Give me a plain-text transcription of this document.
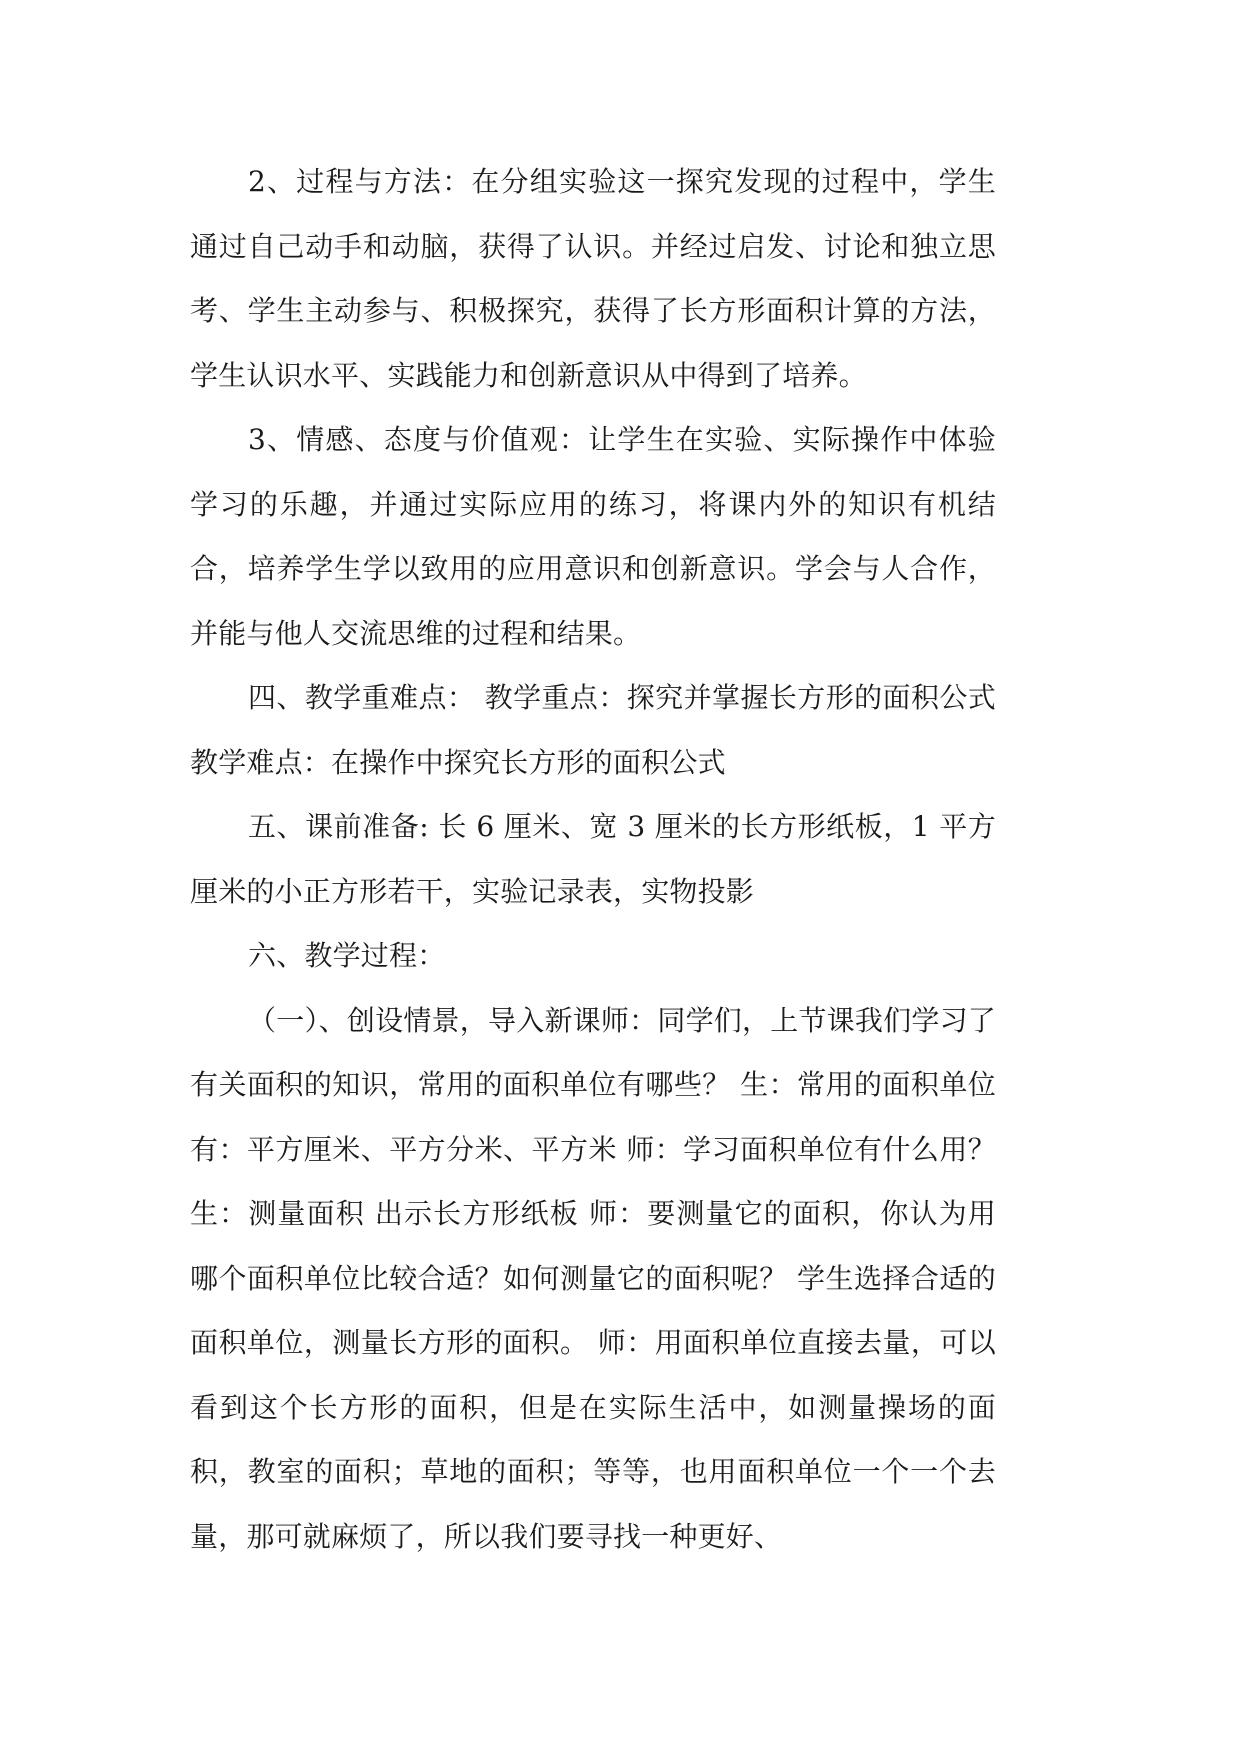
2、过程与方法：在分组实验这一探究发现的过程中，学生通过自己动手和动脑，获得了认识。并经过启发、讨论和独立思考、学生主动参与、积极探究，获得了长方形面积计算的方法，学生认识水平、实践能力和创新意识从中得到了培养。

3、情感、态度与价值观：让学生在实验、实际操作中体验学习的乐趣，并通过实际应用的练习，将课内外的知识有机结合，培养学生学以致用的应用意识和创新意识。学会与人合作，并能与他人交流思维的过程和结果。

四、教学重难点： 教学重点：探究并掌握长方形的面积公式 教学难点：在操作中探究长方形的面积公式

五、课前准备: 长 6 厘米、宽 3 厘米的长方形纸板，1 平方厘米的小正方形若干，实验记录表，实物投影

六、教学过程：

（一）、创设情景，导入新课师：同学们，上节课我们学习了有关面积的知识，常用的面积单位有哪些？ 生：常用的面积单位有：平方厘米、平方分米、平方米 师：学习面积单位有什么用？ 生：测量面积 出示长方形纸板 师：要测量它的面积，你认为用哪个面积单位比较合适？如何测量它的面积呢？ 学生选择合适的面积单位，测量长方形的面积。 师：用面积单位直接去量，可以看到这个长方形的面积，但是在实际生活中，如测量操场的面积，教室的面积；草地的面积；等等，也用面积单位一个一个去量，那可就麻烦了，所以我们要寻找一种更好、
